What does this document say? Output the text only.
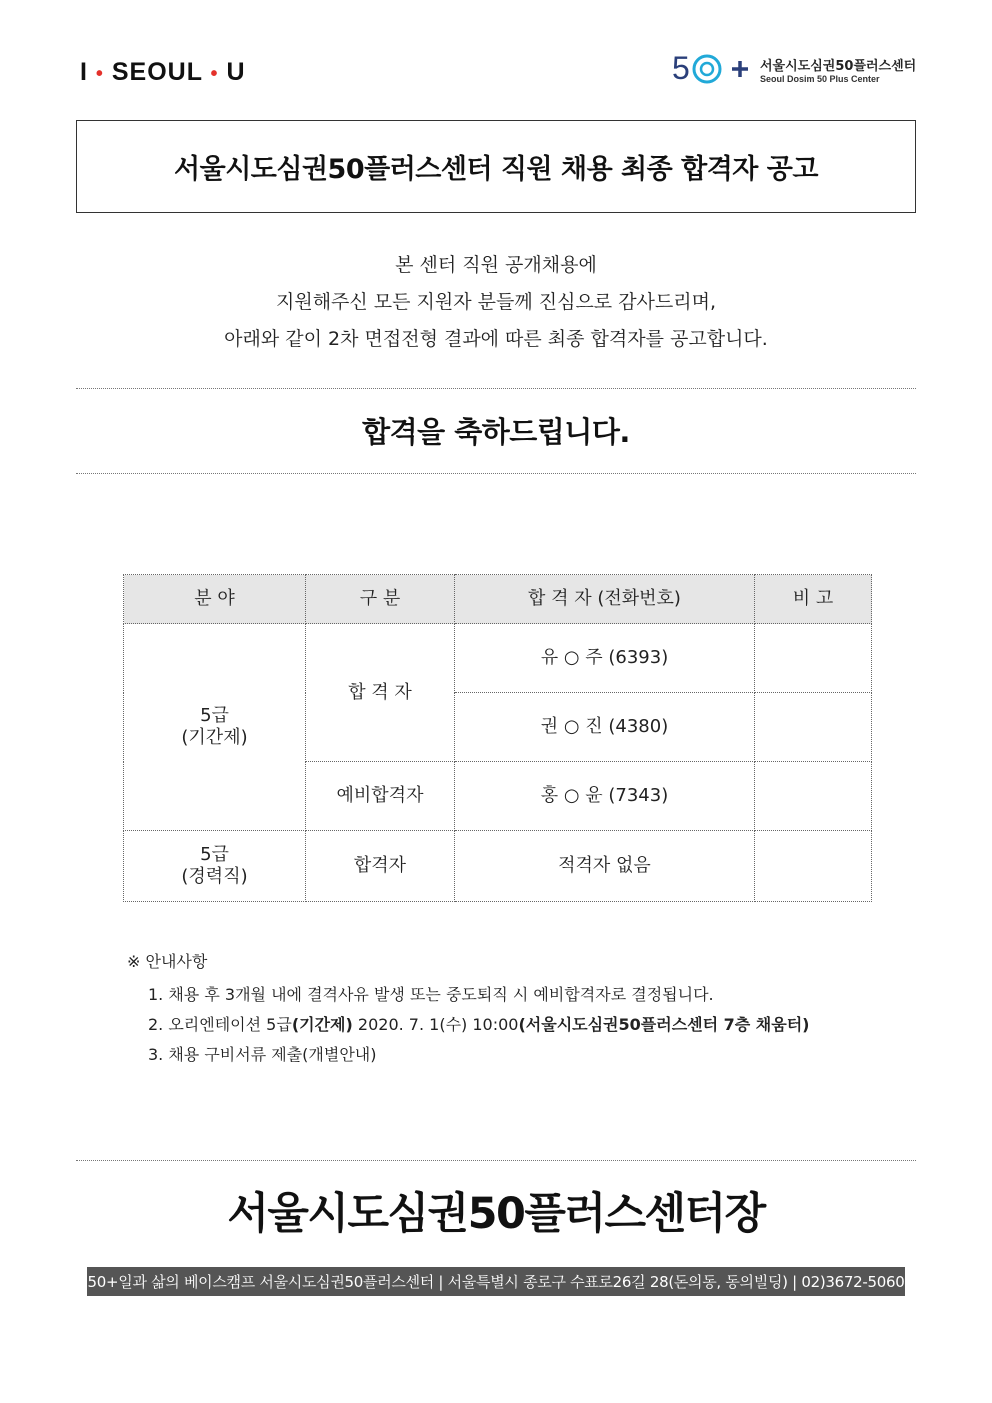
I • SEOUL • U	5	서울시도심권50플러스센터
Seoul Dosim 50 Plus Center
서울시도심권50플러스센터 직원 채용 최종 합격자 공고
본 센터 직원 공개채용에
지원해주신 모든 지원자 분들께 진심으로 감사드리며,
아래와 같이 2차 면접전형 결과에 따른 최종 합격자를 공고합니다.
합격을 축하드립니다.
분 야	구 분	합 격 자 (전화번호)	비 고

5급
(기간제)	합 격 자	유 ○ 주 (6393)	
		권 ○ 진 (4380)	
	예비합격자	홍 ○ 윤 (7343)	

5급
(경력직)	합격자	적격자 없음	
※ 안내사항
1. 채용 후 3개월 내에 결격사유 발생 또는 중도퇴직 시 예비합격자로 결정됩니다.
2. 오리엔테이션 5급(기간제) 2020. 7. 1(수) 10:00(서울시도심권50플러스센터 7층 채움터)
3. 채용 구비서류 제출(개별안내)
서울시도심권50플러스센터장
50+일과 삶의 베이스캠프 서울시도심권50플러스센터 | 서울특별시 종로구 수표로26길 28(돈의동, 동의빌딩) | 02)3672-5060
